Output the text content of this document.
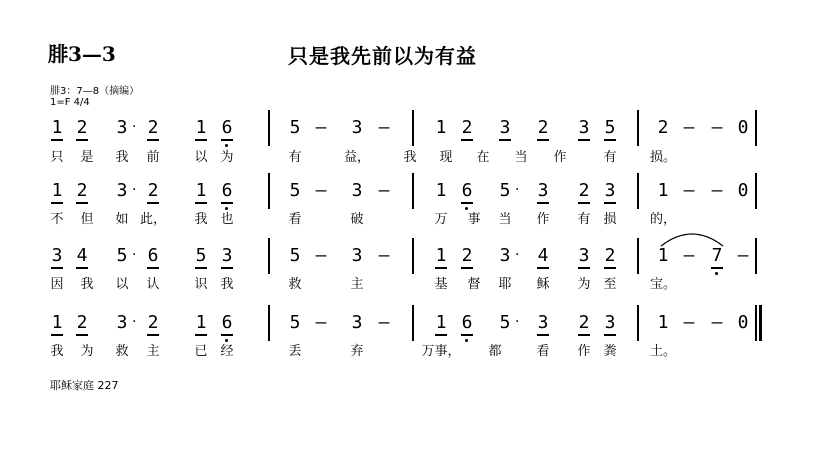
腓3—3	只是我先前以为有益
腓3：7—8（摘编）
1=F 4/4
耶稣家庭 227
1 2	3 · 2	1 6	5 –	3 –	1 2	3	2	3 5	2 – – 0
只	是	我	前	以 为	有	益，	我	现	在	当	作	有	损。
1 2	3 · 2	1 6	5 –	3 –	1 6	5 ·	3	2 3	1 – – 0
不	但	如 此，	我 也	看	破	万	事	当	作	有 损	的，
3 4	5 · 6	5 3	5 –	3 –	1 2	3 ·	4	3 2	1 – 7 –
因	我	以	认	识 我	救	主	基	督	耶	稣	为 至	宝。
1 2	3 · 2	1 6	5 –	3 –	1 6	5 ·	3	2 3	1 – – 0
我	为	救	主	已 经	丢	弃	万事，	都	看	作 粪	土。
